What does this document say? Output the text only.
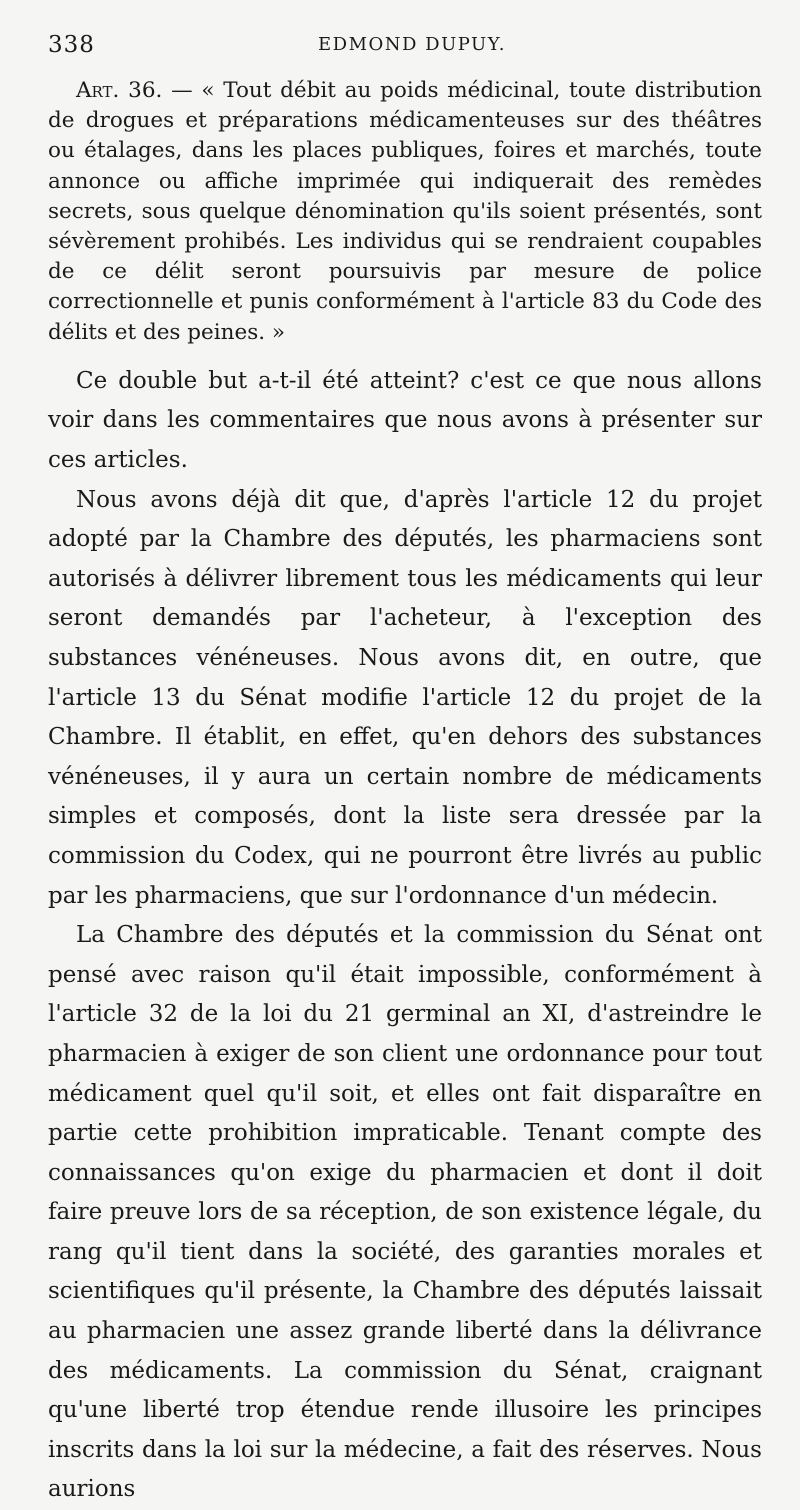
338	EDMOND DUPUY.

Art. 36. — « Tout débit au poids médicinal, toute distribution de drogues et préparations médicamenteuses sur des théâtres ou étalages, dans les places publiques, foires et marchés, toute annonce ou affiche imprimée qui indiquerait des remèdes secrets, sous quelque dénomination qu'ils soient présentés, sont sévèrement prohibés. Les individus qui se rendraient coupables de ce délit seront poursuivis par mesure de police correctionnelle et punis conformément à l'article 83 du Code des délits et des peines. »

Ce double but a-t-il été atteint? c'est ce que nous allons voir dans les commentaires que nous avons à présenter sur ces articles.

Nous avons déjà dit que, d'après l'article 12 du projet adopté par la Chambre des députés, les pharmaciens sont autorisés à délivrer librement tous les médicaments qui leur seront demandés par l'acheteur, à l'exception des substances vénéneuses. Nous avons dit, en outre, que l'article 13 du Sénat modifie l'article 12 du projet de la Chambre. Il établit, en effet, qu'en dehors des substances vénéneuses, il y aura un certain nombre de médicaments simples et composés, dont la liste sera dressée par la commission du Codex, qui ne pourront être livrés au public par les pharmaciens, que sur l'ordonnance d'un médecin.

La Chambre des députés et la commission du Sénat ont pensé avec raison qu'il était impossible, conformément à l'article 32 de la loi du 21 germinal an XI, d'astreindre le pharmacien à exiger de son client une ordonnance pour tout médicament quel qu'il soit, et elles ont fait disparaître en partie cette prohibition impraticable. Tenant compte des connaissances qu'on exige du pharmacien et dont il doit faire preuve lors de sa réception, de son existence légale, du rang qu'il tient dans la société, des garanties morales et scientifiques qu'il présente, la Chambre des députés laissait au pharmacien une assez grande liberté dans la délivrance des médicaments. La commission du Sénat, craignant qu'une liberté trop étendue rende illusoire les principes inscrits dans la loi sur la médecine, a fait des réserves. Nous aurions
